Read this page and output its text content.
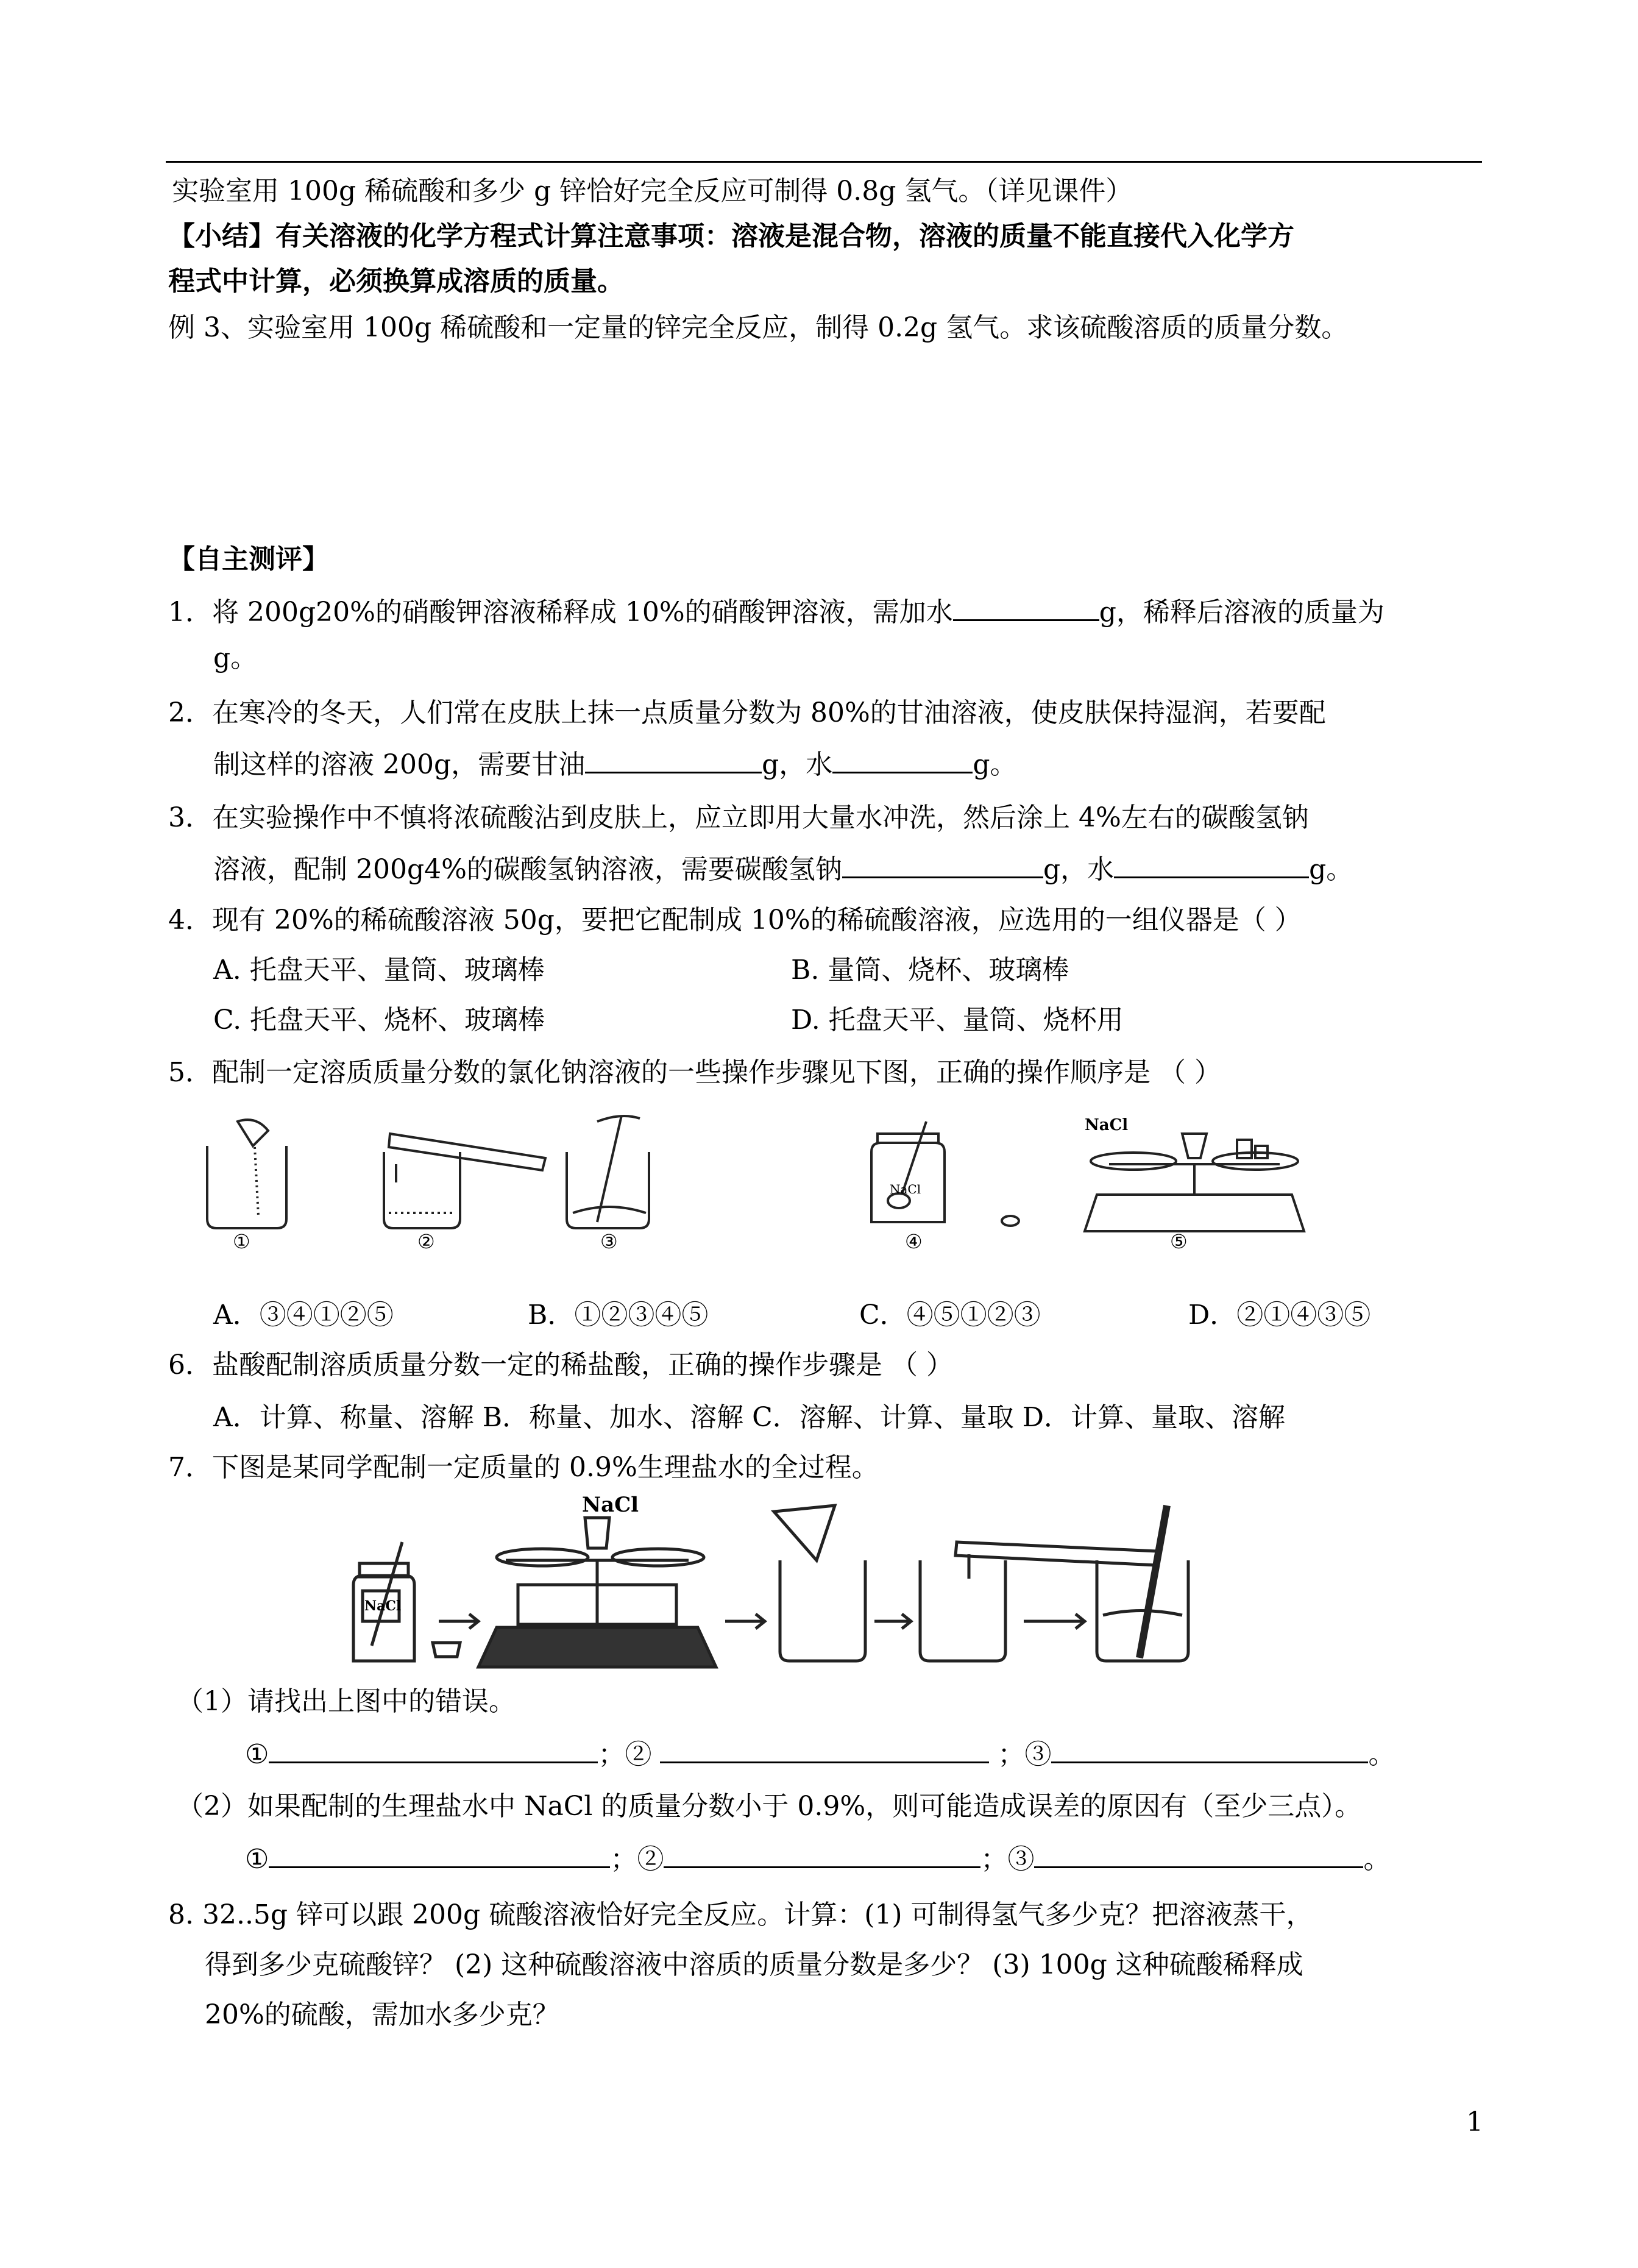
实验室用 100g 稀硫酸和多少 g 锌恰好完全反应可制得 0.8g 氢气。（详见课件）
【小结】有关溶液的化学方程式计算注意事项：溶液是混合物，溶液的质量不能直接代入化学方
程式中计算，必须换算成溶质的质量。
例 3、实验室用 100g 稀硫酸和一定量的锌完全反应，制得 0.2g 氢气。求该硫酸溶质的质量分数。
【自主测评】
1．将 200g20%的硝酸钾溶液稀释成 10%的硝酸钾溶液，需加水	g，稀释后溶液的质量为
g。
2．在寒冷的冬天，人们常在皮肤上抹一点质量分数为 80%的甘油溶液，使皮肤保持湿润，若要配
制这样的溶液 200g，需要甘油	g，水	g。
3．在实验操作中不慎将浓硫酸沾到皮肤上，应立即用大量水冲洗，然后涂上 4%左右的碳酸氢钠
溶液，配制 200g4%的碳酸氢钠溶液，需要碳酸氢钠	g，水	g。
4．现有 20%的稀硫酸溶液 50g，要把它配制成 10%的稀硫酸溶液，应选用的一组仪器是（ ）
A. 托盘天平、量筒、玻璃棒	B. 量筒、烧杯、玻璃棒
C. 托盘天平、烧杯、玻璃棒	D. 托盘天平、量筒、烧杯用
5．配制一定溶质质量分数的氯化钠溶液的一些操作步骤见下图，正确的操作顺序是 （ ）
NaCl
NaCl
①	②	③	④	⑤
A．③④①②⑤	B．①②③④⑤	C．④⑤①②③	D．②①④③⑤
6．盐酸配制溶质质量分数一定的稀盐酸，正确的操作步骤是 （ ）
A．计算、称量、溶解 B．称量、加水、溶解 C．溶解、计算、量取 D．计算、量取、溶解
7．下图是某同学配制一定质量的 0.9%生理盐水的全过程。
NaCl
NaCl
（1）请找出上图中的错误。
①	；②	；③	。
（2）如果配制的生理盐水中 NaCl 的质量分数小于 0.9%，则可能造成误差的原因有（至少三点）。
①	；②	；③	。
8. 32..5g 锌可以跟 200g 硫酸溶液恰好完全反应。计算：(1) 可制得氢气多少克？把溶液蒸干，
得到多少克硫酸锌？ (2) 这种硫酸溶液中溶质的质量分数是多少？ (3) 100g 这种硫酸稀释成
20%的硫酸，需加水多少克？
1
